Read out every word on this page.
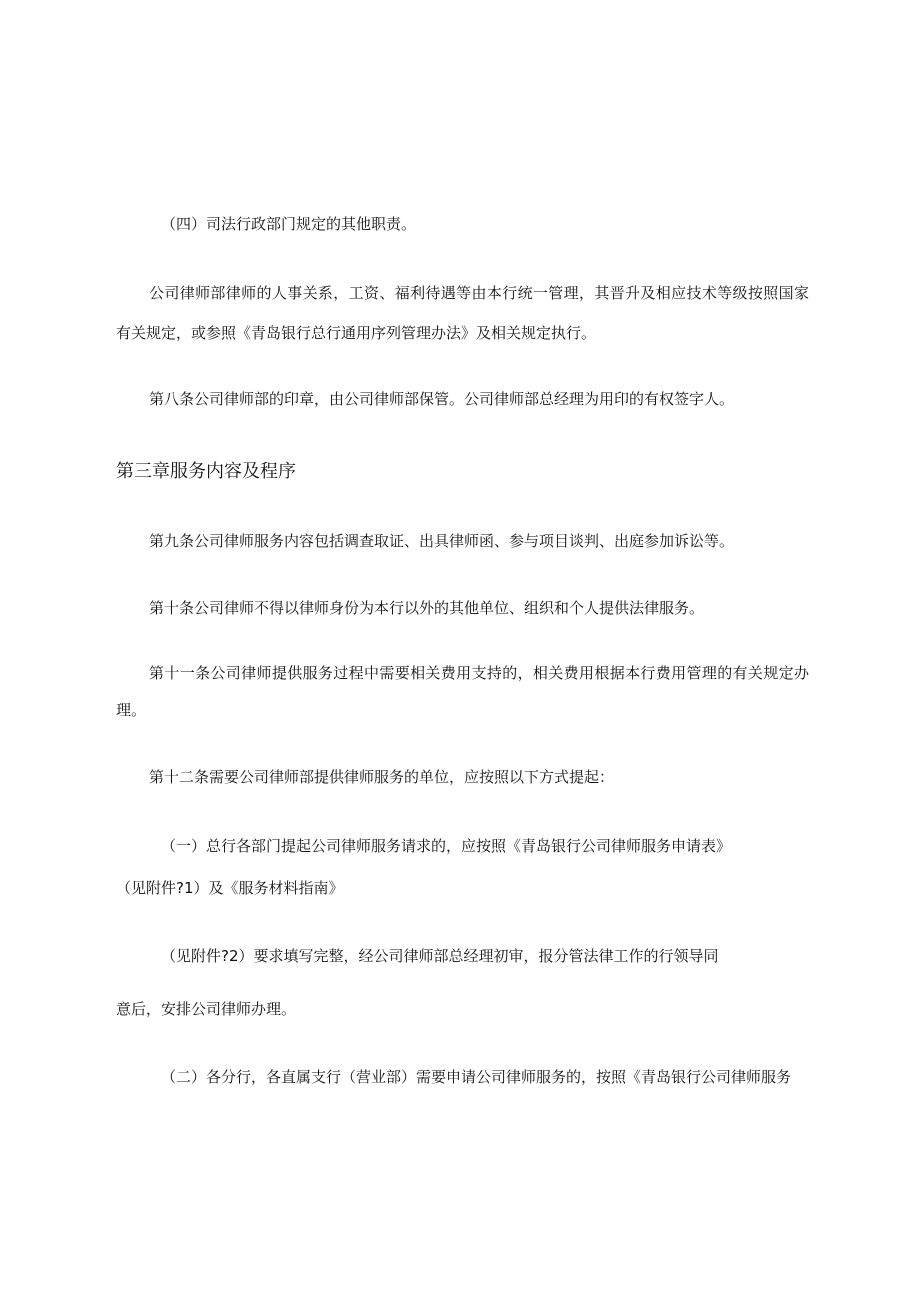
（四）司法行政部门规定的其他职责。
公司律师部律师的人事关系，工资、福利待遇等由本行统一管理，其晋升及相应技术等级按照国家
有关规定，或参照《青岛银行总行通用序列管理办法》及相关规定执行。
第八条公司律师部的印章，由公司律师部保管。公司律师部总经理为用印的有权签字人。
第三章服务内容及程序
第九条公司律师服务内容包括调查取证、出具律师函、参与项目谈判、出庭参加诉讼等。
第十条公司律师不得以律师身份为本行以外的其他单位、组织和个人提供法律服务。
第十一条公司律师提供服务过程中需要相关费用支持的，相关费用根据本行费用管理的有关规定办
理。
第十二条需要公司律师部提供律师服务的单位，应按照以下方式提起：
（一）总行各部门提起公司律师服务请求的，应按照《青岛银行公司律师服务申请表》
（见附件?1）及《服务材料指南》
（见附件?2）要求填写完整，经公司律师部总经理初审，报分管法律工作的行领导同
意后，安排公司律师办理。
（二）各分行，各直属支行（营业部）需要申请公司律师服务的，按照《青岛银行公司律师服务
